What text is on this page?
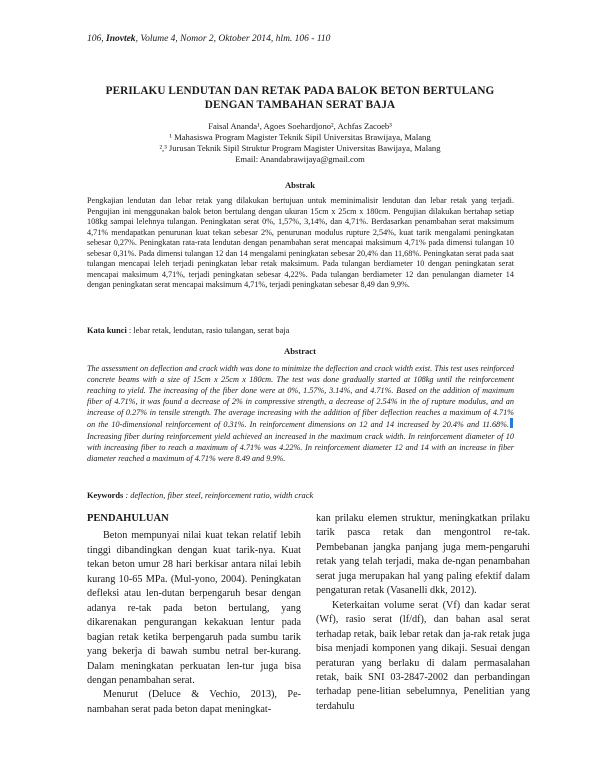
106, Inovtek, Volume 4, Nomor 2, Oktober 2014, hlm. 106 - 110
PERILAKU LENDUTAN DAN RETAK PADA BALOK BETON BERTULANG
DENGAN TAMBAHAN SERAT BAJA
Faisal Ananda¹, Agoes Soehardjono², Achfas Zacoeb³
¹ Mahasiswa Program Magister Teknik Sipil Universitas Brawijaya, Malang
²,³ Jurusan Teknik Sipil Struktur Program Magister Universitas Bawijaya, Malang
Email: Anandabrawijaya@gmail.com
Abstrak
Pengkajian lendutan dan lebar retak yang dilakukan bertujuan untuk meminimalisir lendutan dan lebar retak yang terjadi. Pengujian ini menggunakan balok beton bertulang dengan ukuran 15cm x 25cm x 180cm. Pengujian dilakukan bertahap setiap 108kg sampai lelehnya tulangan. Peningkatan serat 0%, 1,57%, 3,14%, dan 4,71%. Berdasarkan penambahan serat maksimum 4,71% mendapatkan penurunan kuat tekan sebesar 2%, penurunan modulus rupture 2,54%, kuat tarik mengalami peningkatan sebesar 0,27%. Peningkatan rata-rata lendutan dengan penambahan serat mencapai maksimum 4,71% pada dimensi tulangan 10 sebesar 0,31%. Pada dimensi tulangan 12 dan 14 mengalami peningkatan sebesar 20,4% dan 11,68%. Peningkatan serat pada saat tulangan mencapai leleh terjadi peningkatan lebar retak maksimum. Pada tulangan berdiameter 10 dengan peningkatan serat mencapai maksimum 4,71%, terjadi peningkatan sebesar 4,22%. Pada tulangan berdiameter 12 dan penulangan diameter 14 dengan peningkatan serat mencapai maksimum 4,71%, terjadi peningkatan sebesar 8,49 dan 9,9%.
Kata kunci : lebar retak, lendutan, rasio tulangan, serat baja
Abstract
The assessment on deflection and crack width was done to minimize the deflection and crack width exist. This test uses reinforced concrete beams with a size of 15cm x 25cm x 180cm. The test was done gradually started at 108kg until the reinforcement reaching to yield. The increasing of the fiber done were at 0%, 1.57%, 3.14%, and 4.71%. Based on the addition of maximum fiber of 4.71%, it was found a decrease of 2% in compressive strength, a decrease of 2.54% in the of rupture modulus, and an increase of 0.27% in tensile strength. The average increasing with the addition of fiber deflection reaches a maximum of 4.71% on the 10-dimensional reinforcement of 0.31%. In reinforcement dimensions on 12 and 14 increased by 20.4% and 11.68%.Increasing fiber during reinforcement yield achieved an increased in the maximum crack width. In reinforcement diameter of 10 with increasing fiber to reach a maximum of 4.71% was 4.22%. In reinforcement diameter 12 and 14 with an increase in fiber diameter reached a maximum of 4.71% were 8.49 and 9.9%.
Keywords : deflection, fiber steel, reinforcement ratio, width crack

PENDAHULUAN

Beton mempunyai nilai kuat tekan relatif lebih tinggi dibandingkan dengan kuat tarik-nya. Kuat tekan beton umur 28 hari berkisar antara nilai lebih kurang 10-65 MPa. (Mul-yono, 2004). Peningkatan defleksi atau len-dutan berpengaruh besar dengan adanya re-tak pada beton bertulang, yang dikarenakan pengurangan kekakuan lentur pada bagian retak ketika berpengaruh pada sumbu tarik yang bekerja di bawah sumbu netral ber-kurang. Dalam meningkatan perkuatan len-tur juga bisa dengan penambahan serat.

Menurut (Deluce & Vechio, 2013), Pe-nambahan serat pada beton dapat meningkat-

kan prilaku elemen struktur, meningkatkan prilaku tarik pasca retak dan mengontrol re-tak. Pembebanan jangka panjang juga mem-pengaruhi retak yang telah terjadi, maka de-ngan penambahan serat juga merupakan hal yang paling efektif dalam pengaturan retak (Vasanelli dkk, 2012).

Keterkaitan volume serat (Vf) dan kadar serat (Wf), rasio serat (lf/df), dan bahan asal serat terhadap retak, baik lebar retak dan ja-rak retak juga bisa menjadi komponen yang dikaji. Sesuai dengan peraturan yang berlaku di dalam permasalahan retak, baik SNI 03-2847-2002 dan perbandingan terhadap pene-litian sebelumnya, Penelitian yang terdahulu
